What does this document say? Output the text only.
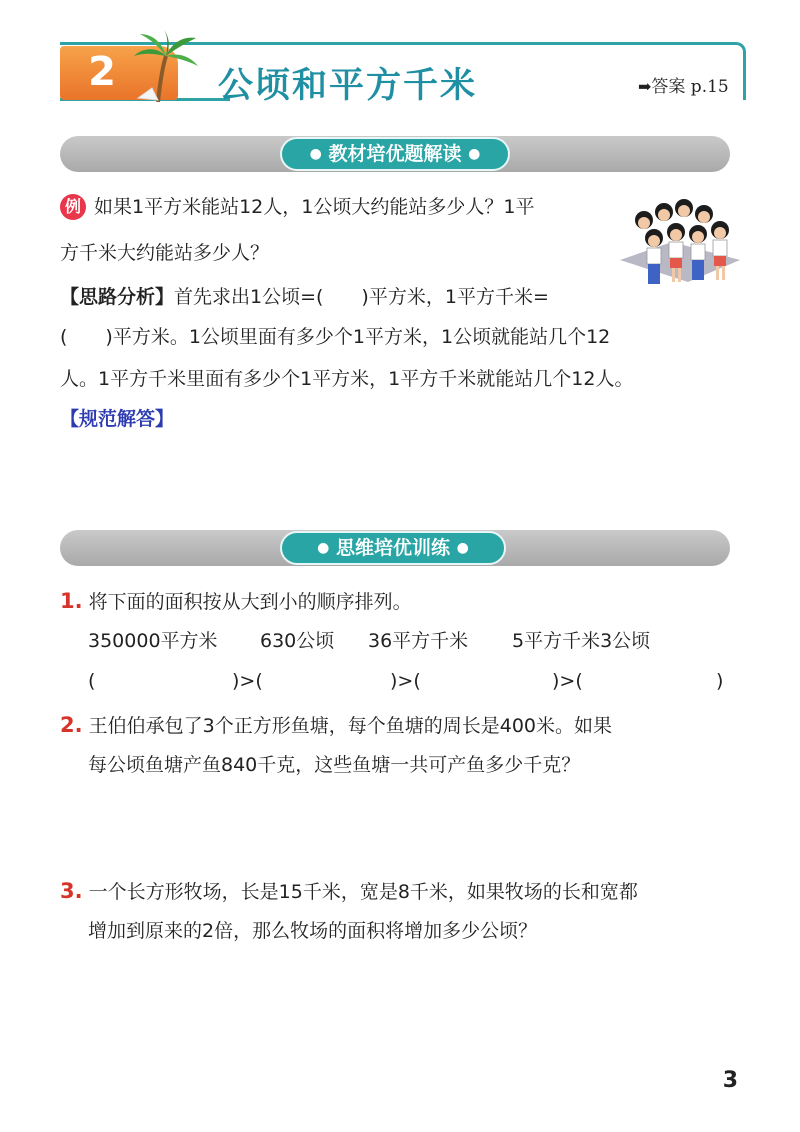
2	公顷和平方千米	➡答案 p.15
● 教材培优题解读 ●
例 如果1平方米能站12人，1公顷大约能站多少人？1平
方千米大约能站多少人？
【思路分析】首先求出1公顷=(　　)平方米，1平方千米=
(　　)平方米。1公顷里面有多少个1平方米，1公顷就能站几个12
人。1平方千米里面有多少个1平方米，1平方千米就能站几个12人。
【规范解答】
● 思维培优训练 ●
1. 将下面的面积按从大到小的顺序排列。
350000平方米 630公顷 36平方千米 5平方千米3公顷
(	)>(	)>(	)>(	)
2. 王伯伯承包了3个正方形鱼塘，每个鱼塘的周长是400米。如果
每公顷鱼塘产鱼840千克，这些鱼塘一共可产鱼多少千克？
3. 一个长方形牧场，长是15千米，宽是8千米，如果牧场的长和宽都
增加到原来的2倍，那么牧场的面积将增加多少公顷？
3
